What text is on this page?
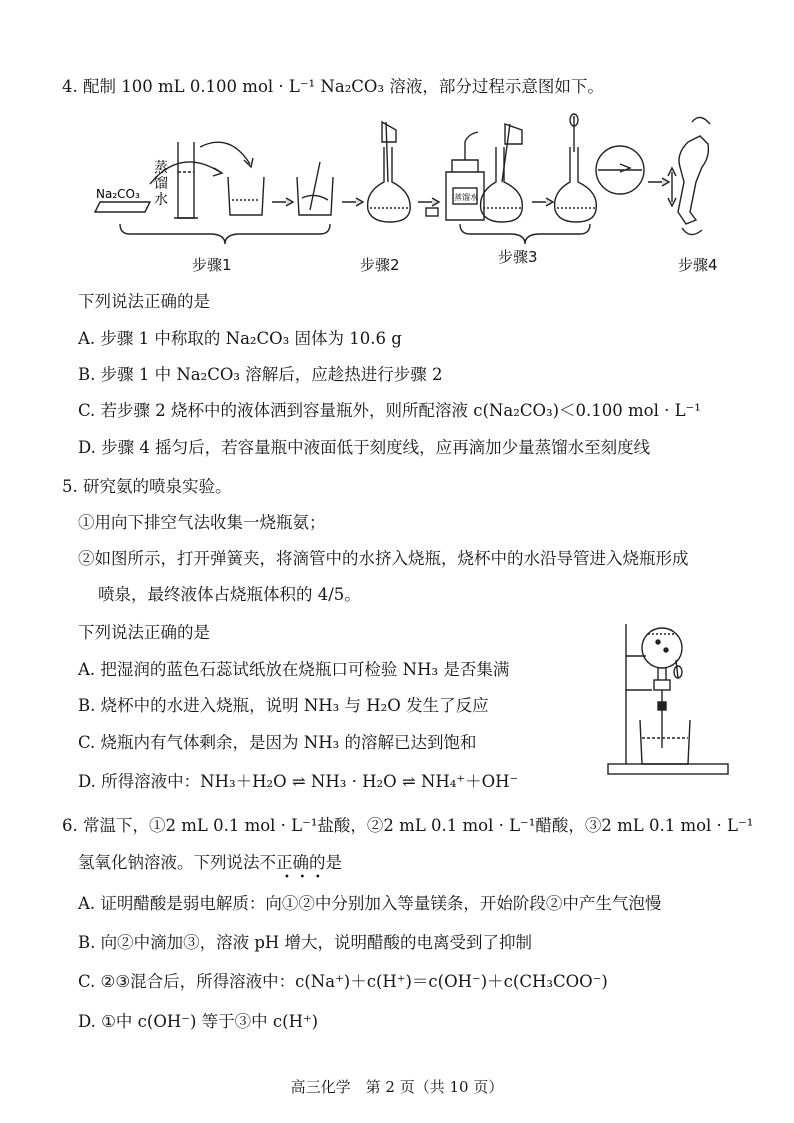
4. 配制 100 mL 0.100 mol · L⁻¹ Na₂CO₃ 溶液，部分过程示意图如下。
Na₂CO₃
蒸
馏
水	蒸馏水
步骤1	步骤2	步骤3	步骤4
下列说法正确的是
A. 步骤 1 中称取的 Na₂CO₃ 固体为 10.6 g
B. 步骤 1 中 Na₂CO₃ 溶解后，应趁热进行步骤 2
C. 若步骤 2 烧杯中的液体洒到容量瓶外，则所配溶液 c(Na₂CO₃)＜0.100 mol · L⁻¹
D. 步骤 4 摇匀后，若容量瓶中液面低于刻度线，应再滴加少量蒸馏水至刻度线
5. 研究氨的喷泉实验。
①用向下排空气法收集一烧瓶氨；
②如图所示，打开弹簧夹，将滴管中的水挤入烧瓶，烧杯中的水沿导管进入烧瓶形成
喷泉，最终液体占烧瓶体积的 4/5。
下列说法正确的是
A. 把湿润的蓝色石蕊试纸放在烧瓶口可检验 NH₃ 是否集满
B. 烧杯中的水进入烧瓶，说明 NH₃ 与 H₂O 发生了反应
C. 烧瓶内有气体剩余，是因为 NH₃ 的溶解已达到饱和
D. 所得溶液中：NH₃＋H₂O ⇌ NH₃ · H₂O ⇌ NH₄⁺＋OH⁻
6. 常温下，①2 mL 0.1 mol · L⁻¹盐酸，②2 mL 0.1 mol · L⁻¹醋酸，③2 mL 0.1 mol · L⁻¹
氢氧化钠溶液。下列说法不正确的是
•   •   •
A. 证明醋酸是弱电解质：向①②中分别加入等量镁条，开始阶段②中产生气泡慢
B. 向②中滴加③，溶液 pH 增大，说明醋酸的电离受到了抑制
C. ②③混合后，所得溶液中：c(Na⁺)＋c(H⁺)＝c(OH⁻)＋c(CH₃COO⁻)
D. ①中 c(OH⁻) 等于③中 c(H⁺)
高三化学　第 2 页（共 10 页）
